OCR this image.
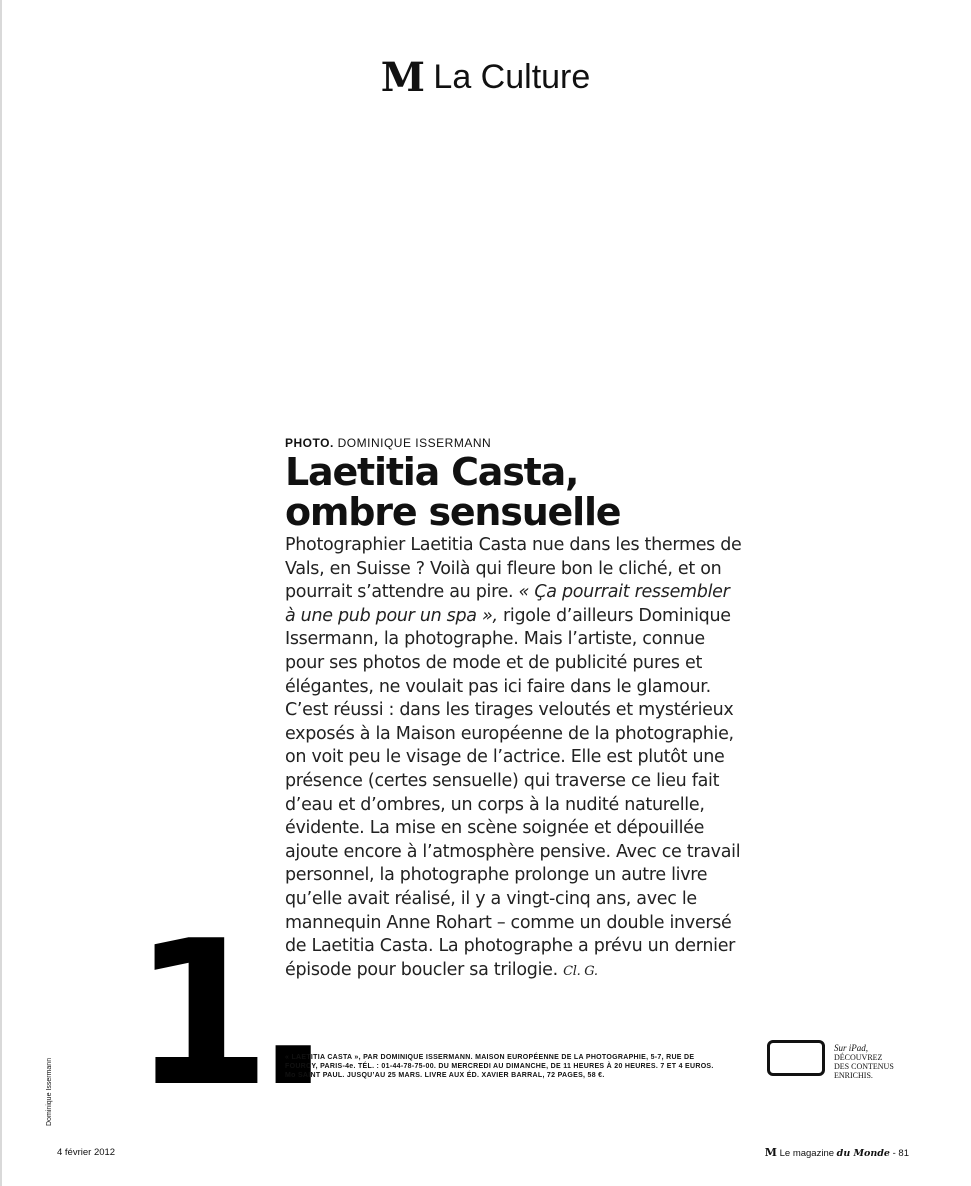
M La Culture
PHOTO. DOMINIQUE ISSERMANN
Laetitia Casta,
ombre sensuelle

Photographier Laetitia Casta nue dans les thermes de Vals, en Suisse ? Voilà qui fleure bon le cliché, et on pourrait s’attendre au pire. « Ça pourrait ressembler à une pub pour un spa », rigole d’ailleurs Dominique Issermann, la photographe. Mais l’artiste, connue pour ses photos de mode et de publicité pures et élégantes, ne voulait pas ici faire dans le glamour. C’est réussi : dans les tirages veloutés et mystérieux exposés à la Maison européenne de la photographie, on voit peu le visage de l’actrice. Elle est plutôt une présence (certes sensuelle) qui traverse ce lieu fait d’eau et d’ombres, un corps à la nudité naturelle, évidente. La mise en scène soignée et dépouillée ajoute encore à l’atmosphère pensive. Avec ce travail personnel, la photographe prolonge un autre livre qu’elle avait réalisé, il y a vingt-cinq ans, avec le mannequin Anne Rohart – comme un double inversé de Laetitia Casta. La photographe a prévu un dernier épisode pour boucler sa trilogie. Cl. G.

1.
« LAETITIA CASTA », PAR DOMINIQUE ISSERMANN. MAISON EUROPÉENNE DE LA PHOTOGRAPHIE, 5-7, RUE DE FOURCY, PARIS-4e. TÉL. : 01-44-78-75-00. DU MERCREDI AU DIMANCHE, DE 11 HEURES À 20 HEURES. 7 ET 4 EUROS. Mo SAINT PAUL. JUSQU’AU 25 MARS. LIVRE AUX ÉD. XAVIER BARRAL, 72 PAGES, 58 €.
Sur iPad,
DÉCOUVREZ
DES CONTENUS
ENRICHIS.
Dominique Issermann
4 février 2012	M Le magazine du Monde - 81
